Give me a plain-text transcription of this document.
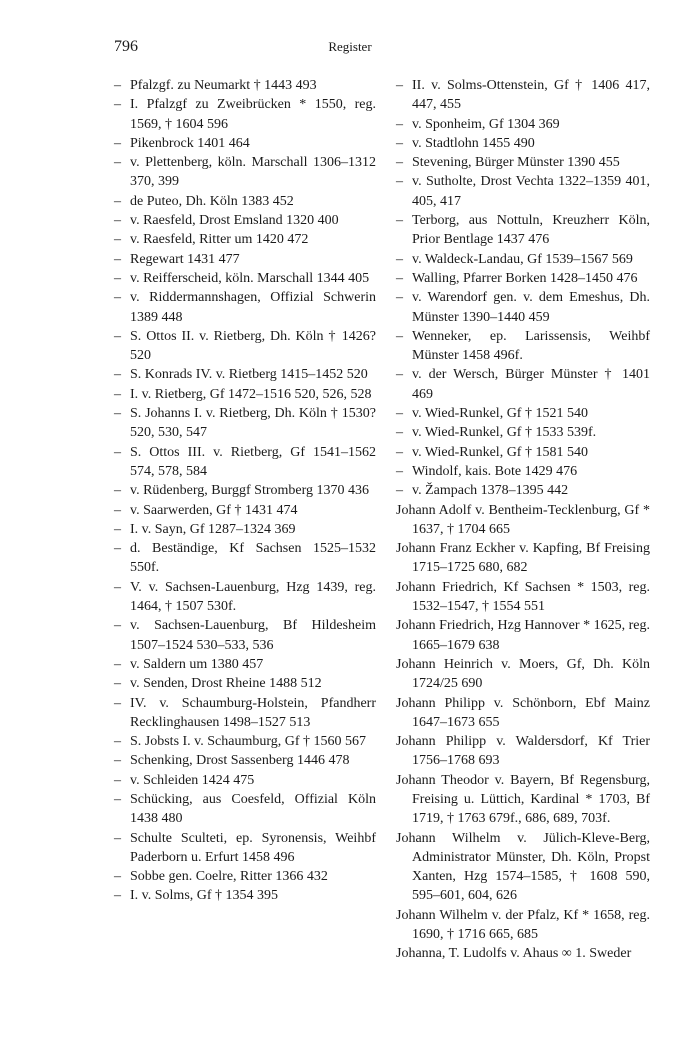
796	Register
– Pfalzgf. zu Neumarkt † 1443 493
– I. Pfalzgf zu Zweibrücken * 1550, reg. 1569, † 1604 596
– Pikenbrock 1401 464
– v. Plettenberg, köln. Marschall 1306–1312 370, 399
– de Puteo, Dh. Köln 1383 452
– v. Raesfeld, Drost Emsland 1320 400
– v. Raesfeld, Ritter um 1420 472
– Regewart 1431 477
– v. Reifferscheid, köln. Marschall 1344 405
– v. Riddermannshagen, Offizial Schwerin 1389 448
– S. Ottos II. v. Rietberg, Dh. Köln † 1426? 520
– S. Konrads IV. v. Rietberg 1415–1452 520
– I. v. Rietberg, Gf 1472–1516 520, 526, 528
– S. Johanns I. v. Rietberg, Dh. Köln † 1530? 520, 530, 547
– S. Ottos III. v. Rietberg, Gf 1541–1562 574, 578, 584
– v. Rüdenberg, Burggf Stromberg 1370 436
– v. Saarwerden, Gf † 1431 474
– I. v. Sayn, Gf 1287–1324 369
– d. Beständige, Kf Sachsen 1525–1532 550f.
– V. v. Sachsen-Lauenburg, Hzg 1439, reg. 1464, † 1507 530f.
– v. Sachsen-Lauenburg, Bf Hildesheim 1507–1524 530–533, 536
– v. Saldern um 1380 457
– v. Senden, Drost Rheine 1488 512
– IV. v. Schaumburg-Holstein, Pfandherr Recklinghausen 1498–1527 513
– S. Jobsts I. v. Schaumburg, Gf † 1560 567
– Schenking, Drost Sassenberg 1446 478
– v. Schleiden 1424 475
– Schücking, aus Coesfeld, Offizial Köln 1438 480
– Schulte Sculteti, ep. Syronensis, Weihbf Paderborn u. Erfurt 1458 496
– Sobbe gen. Coelre, Ritter 1366 432
– I. v. Solms, Gf † 1354 395
– II. v. Solms-Ottenstein, Gf † 1406 417, 447, 455
– v. Sponheim, Gf 1304 369
– v. Stadtlohn 1455 490
– Stevening, Bürger Münster 1390 455
– v. Sutholte, Drost Vechta 1322–1359 401, 405, 417
– Terborg, aus Nottuln, Kreuzherr Köln, Prior Bentlage 1437 476
– v. Waldeck-Landau, Gf 1539–1567 569
– Walling, Pfarrer Borken 1428–1450 476
– v. Warendorf gen. v. dem Emeshus, Dh. Münster 1390–1440 459
– Wenneker, ep. Larissensis, Weihbf Münster 1458 496f.
– v. der Wersch, Bürger Münster † 1401 469
– v. Wied-Runkel, Gf † 1521 540
– v. Wied-Runkel, Gf † 1533 539f.
– v. Wied-Runkel, Gf † 1581 540
– Windolf, kais. Bote 1429 476
– v. Žampach 1378–1395 442
Johann Adolf v. Bentheim-Tecklenburg, Gf * 1637, † 1704 665
Johann Franz Eckher v. Kapfing, Bf Freising 1715–1725 680, 682
Johann Friedrich, Kf Sachsen * 1503, reg. 1532–1547, † 1554 551
Johann Friedrich, Hzg Hannover * 1625, reg. 1665–1679 638
Johann Heinrich v. Moers, Gf, Dh. Köln 1724/25 690
Johann Philipp v. Schönborn, Ebf Mainz 1647–1673 655
Johann Philipp v. Waldersdorf, Kf Trier 1756–1768 693
Johann Theodor v. Bayern, Bf Regensburg, Freising u. Lüttich, Kardinal * 1703, Bf 1719, † 1763 679f., 686, 689, 703f.
Johann Wilhelm v. Jülich-Kleve-Berg, Administrator Münster, Dh. Köln, Propst Xanten, Hzg 1574–1585, † 1608 590, 595–601, 604, 626
Johann Wilhelm v. der Pfalz, Kf * 1658, reg. 1690, † 1716 665, 685
Johanna, T. Ludolfs v. Ahaus ∞ 1. Sweder
